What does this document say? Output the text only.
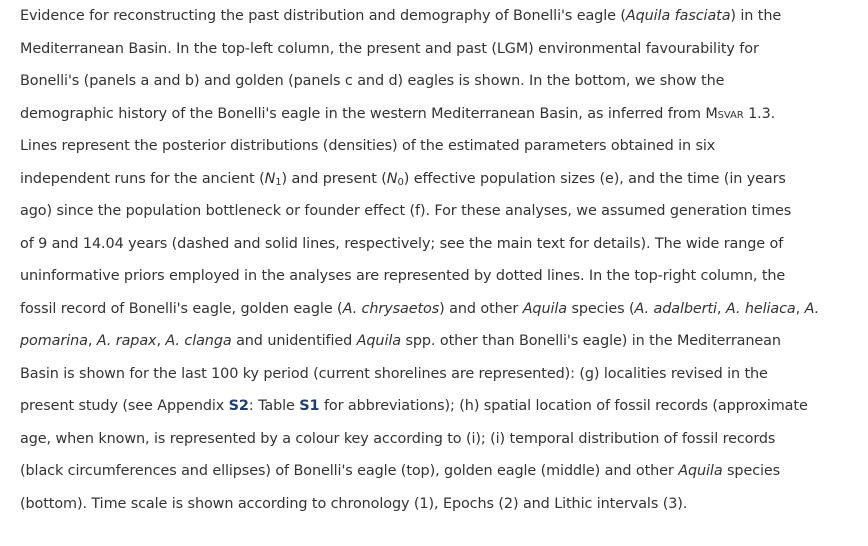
Evidence for reconstructing the past distribution and demography of Bonelli's eagle (Aquila fasciata) in the
Mediterranean Basin. In the top-left column, the present and past (LGM) environmental favourability for
Bonelli's (panels a and b) and golden (panels c and d) eagles is shown. In the bottom, we show the
demographic history of the Bonelli's eagle in the western Mediterranean Basin, as inferred from Msvar 1.3.
Lines represent the posterior distributions (densities) of the estimated parameters obtained in six
independent runs for the ancient $(N_1)$ and present $(N_0)$ effective population sizes (e), and the time (in years
ago) since the population bottleneck or founder effect (f). For these analyses, we assumed generation times
of 9 and 14.04 years (dashed and solid lines, respectively; see the main text for details). The wide range of
uninformative priors employed in the analyses are represented by dotted lines. In the top-right column, the
fossil record of Bonelli's eagle, golden eagle (A. chrysaetos) and other Aquila species (A. adalberti, A. heliaca, A.
pomarina, A. rapax, A. clanga and unidentified Aquila spp. other than Bonelli's eagle) in the Mediterranean
Basin is shown for the last 100 ky period (current shorelines are represented): (g) localities revised in the
present study (see Appendix S2: Table S1 for abbreviations); (h) spatial location of fossil records (approximate
age, when known, is represented by a colour key according to (i); (i) temporal distribution of fossil records
(black circumferences and ellipses) of Bonelli's eagle (top), golden eagle (middle) and other Aquila species
(bottom). Time scale is shown according to chronology (1), Epochs (2) and Lithic intervals (3).
